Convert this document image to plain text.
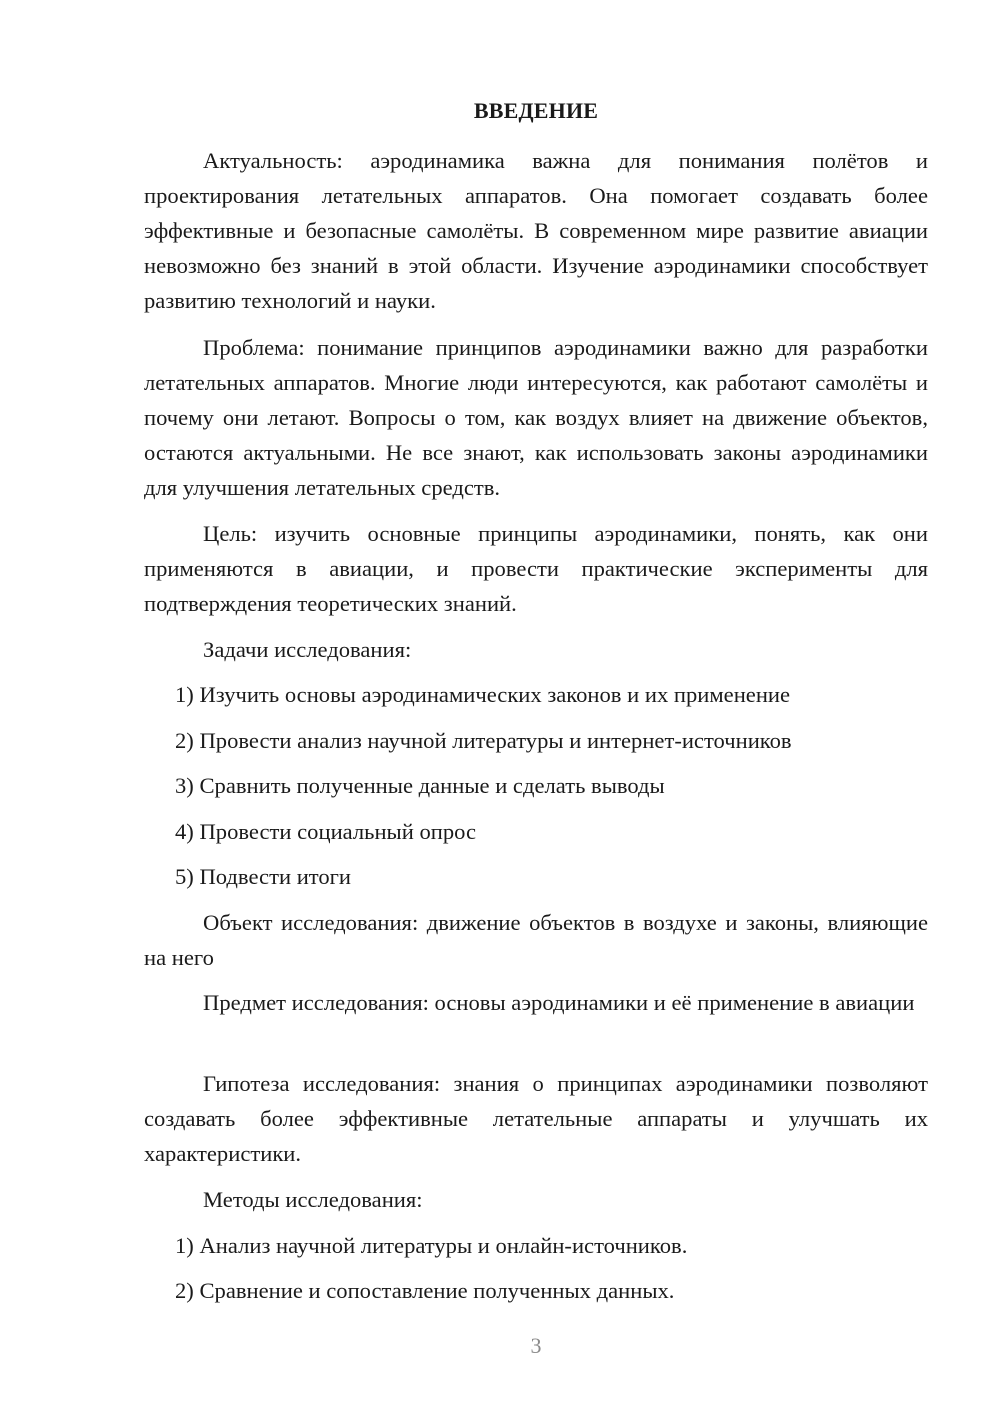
ВВЕДЕНИЕ

Актуальность: аэродинамика важна для понимания полётов и проектирования летательных аппаратов. Она помогает создавать более эффективные и безопасные самолёты. В современном мире развитие авиации невозможно без знаний в этой области. Изучение аэродинамики способствует развитию технологий и науки.

Проблема: понимание принципов аэродинамики важно для разработки летательных аппаратов. Многие люди интересуются, как работают самолёты и почему они летают. Вопросы о том, как воздух влияет на движение объектов, остаются актуальными. Не все знают, как использовать законы аэродинамики для улучшения летательных средств.

Цель: изучить основные принципы аэродинамики, понять, как они применяются в авиации, и провести практические эксперименты для подтверждения теоретических знаний.

Задачи исследования:

1) Изучить основы аэродинамических законов и их применение

2) Провести анализ научной литературы и интернет-источников

3) Сравнить полученные данные и сделать выводы

4) Провести социальный опрос

5) Подвести итоги

Объект исследования: движение объектов в воздухе и законы, влияющие на него

Предмет исследования: основы аэродинамики и её применение в авиации

Гипотеза исследования: знания о принципах аэродинамики позволяют создавать более эффективные летательные аппараты и улучшать их характеристики.

Методы исследования:

1) Анализ научной литературы и онлайн-источников.

2) Сравнение и сопоставление полученных данных.

3
